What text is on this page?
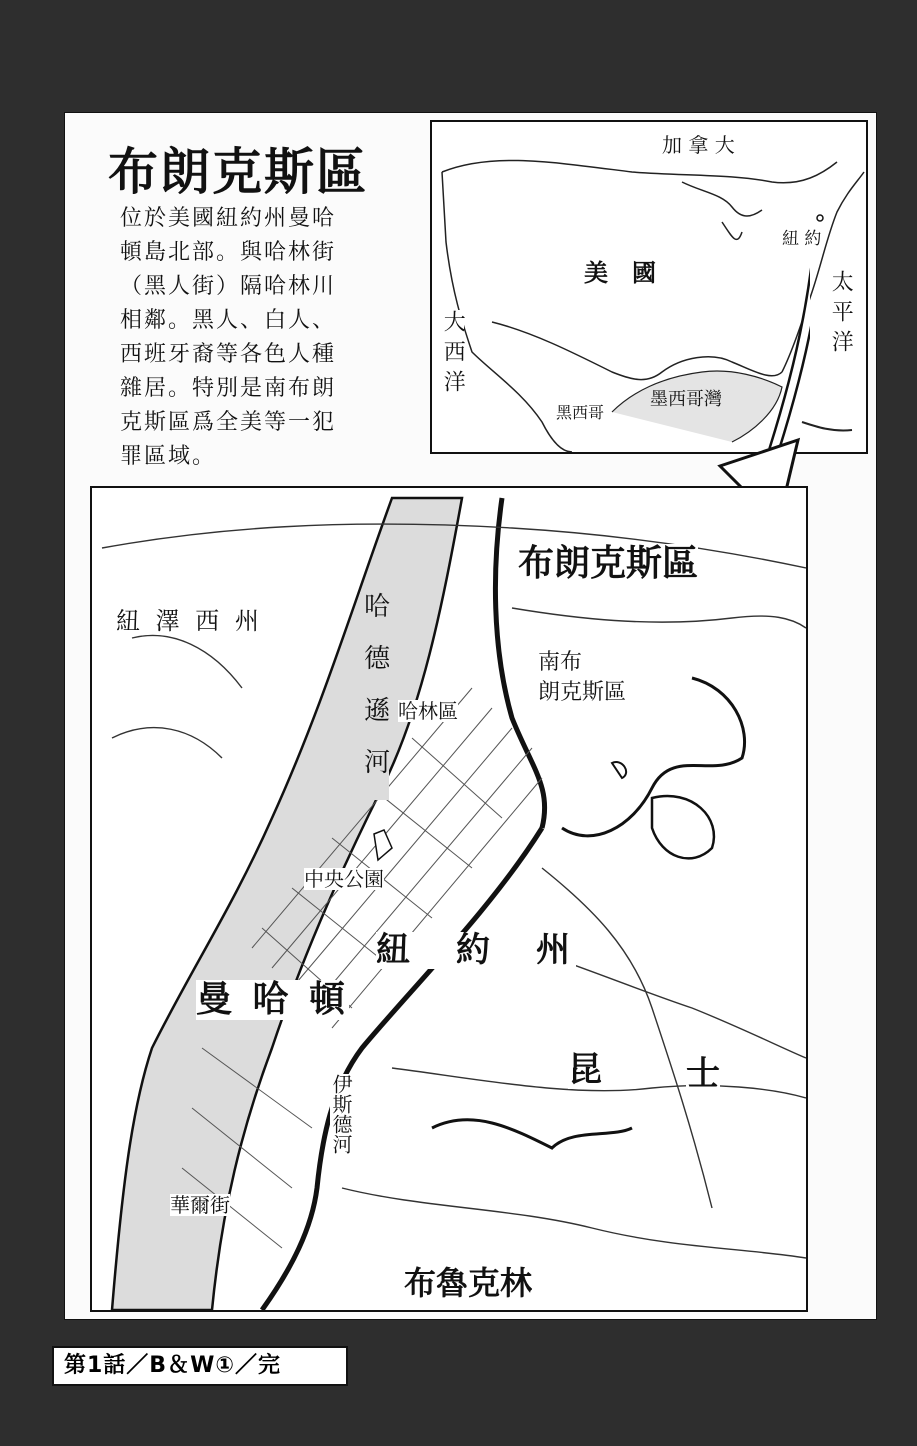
布朗克斯區
位於美國紐約州曼哈
頓島北部。與哈林街
（黑人街）隔哈林川
相鄰。黑人、白人、
西班牙裔等各色人種
雜居。特別是南布朗
克斯區爲全美等一犯
罪區域。
加 拿 大
美　國
紐 約
太平洋
大西洋
黑西哥
墨西哥灣
布朗克斯區
紐 澤 西 州	哈德遜河	南布
朗克斯區
哈林區
中央公園
紐　約　州
曼 哈 頓
昆 士
伊斯德河
華爾街
布魯克林
第1話／B＆W①／完
